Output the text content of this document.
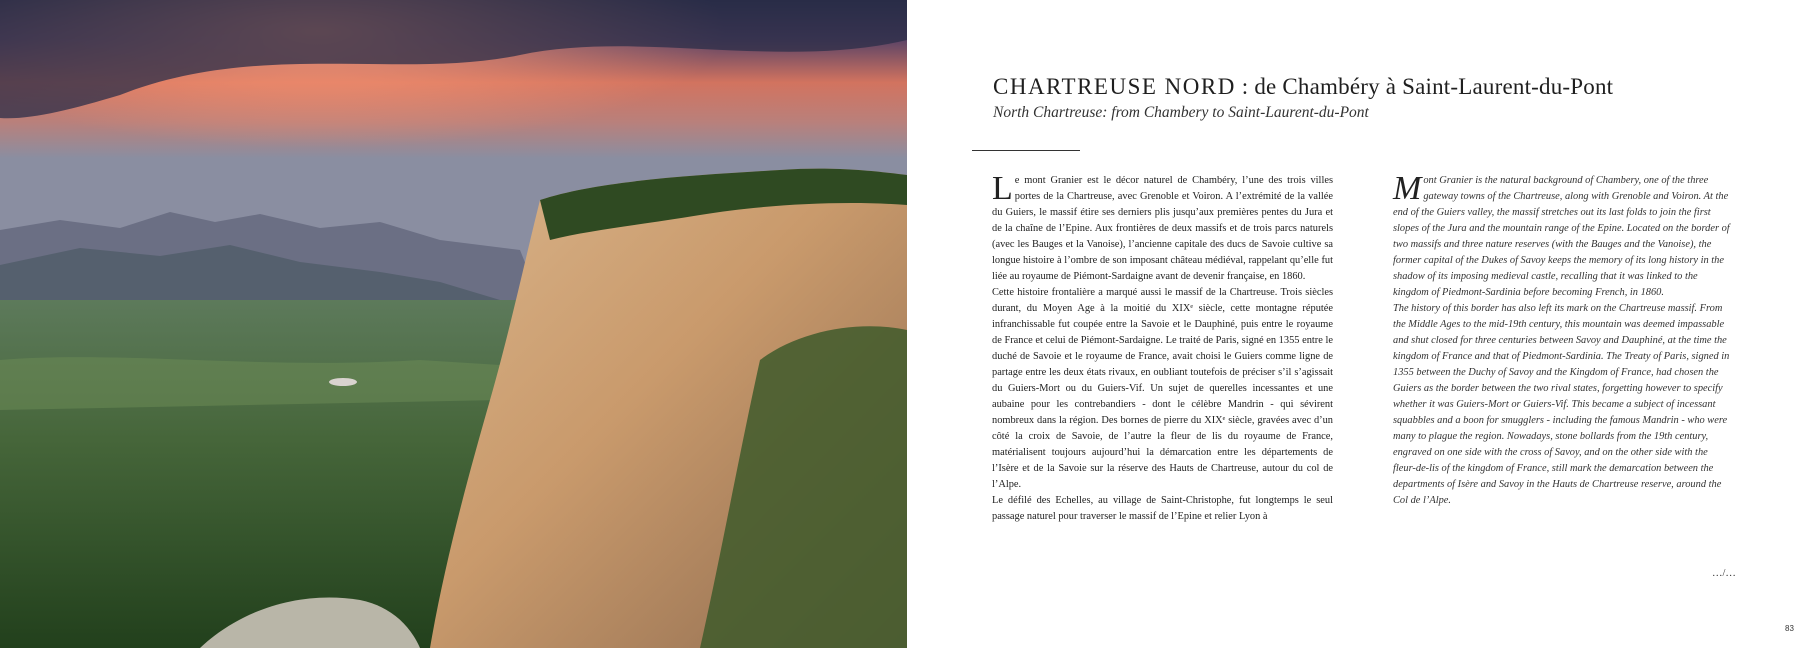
CHARTREUSE NORD : de Chambéry à Saint-Laurent-du-Pont
North Chartreuse: from Chambery to Saint-Laurent-du-Pont

Le mont Granier est le décor naturel de Chambéry, l’une des trois villes portes de la Chartreuse, avec Grenoble et Voiron. A l’extrémité de la vallée du Guiers, le massif étire ses derniers plis jusqu’aux premières pentes du Jura et de la chaîne de l’Epine. Aux frontières de deux massifs et de trois parcs naturels (avec les Bauges et la Vanoise), l’ancienne capitale des ducs de Savoie cultive sa longue histoire à l’ombre de son imposant château médiéval, rappelant qu’elle fut liée au royaume de Piémont-Sardaigne avant de devenir française, en 1860.

Cette histoire frontalière a marqué aussi le massif de la Chartreuse. Trois siècles durant, du Moyen Age à la moitié du XIXᵉ siècle, cette montagne réputée infranchissable fut coupée entre la Savoie et le Dauphiné, puis entre le royaume de France et celui de Piémont-Sardaigne. Le traité de Paris, signé en 1355 entre le duché de Savoie et le royaume de France, avait choisi le Guiers comme ligne de partage entre les deux états rivaux, en oubliant toutefois de préciser s’il s’agissait du Guiers-Mort ou du Guiers-Vif. Un sujet de querelles incessantes et une aubaine pour les contrebandiers - dont le célèbre Mandrin - qui sévirent nombreux dans la région. Des bornes de pierre du XIXᵉ siècle, gravées avec d’un côté la croix de Savoie, de l’autre la fleur de lis du royaume de France, matérialisent toujours aujourd’hui la démarcation entre les départements de l’Isère et de la Savoie sur la réserve des Hauts de Chartreuse, autour du col de l’Alpe.

Le défilé des Echelles, au village de Saint-Christophe, fut longtemps le seul passage naturel pour traverser le massif de l’Epine et relier Lyon à

Mont Granier is the natural background of Chambery, one of the three gateway towns of the Chartreuse, along with Grenoble and Voiron. At the end of the Guiers valley, the massif stretches out its last folds to join the first slopes of the Jura and the mountain range of the Epine. Located on the border of two massifs and three nature reserves (with the Bauges and the Vanoise), the former capital of the Dukes of Savoy keeps the memory of its long history in the shadow of its imposing medieval castle, recalling that it was linked to the kingdom of Piedmont-Sardinia before becoming French, in 1860.

The history of this border has also left its mark on the Chartreuse massif. From the Middle Ages to the mid-19th century, this mountain was deemed impassable and shut closed for three centuries between Savoy and Dauphiné, at the time the kingdom of France and that of Piedmont-Sardinia. The Treaty of Paris, signed in 1355 between the Duchy of Savoy and the Kingdom of France, had chosen the Guiers as the border between the two rival states, forgetting however to specify whether it was Guiers-Mort or Guiers-Vif. This became a subject of incessant squabbles and a boon for smugglers - including the famous Mandrin - who were many to plague the region. Nowadays, stone bollards from the 19th century, engraved on one side with the cross of Savoy, and on the other side with the fleur-de-lis of the kingdom of France, still mark the demarcation between the departments of Isère and Savoy in the Hauts de Chartreuse reserve, around the Col de l’Alpe.

…/…
83
